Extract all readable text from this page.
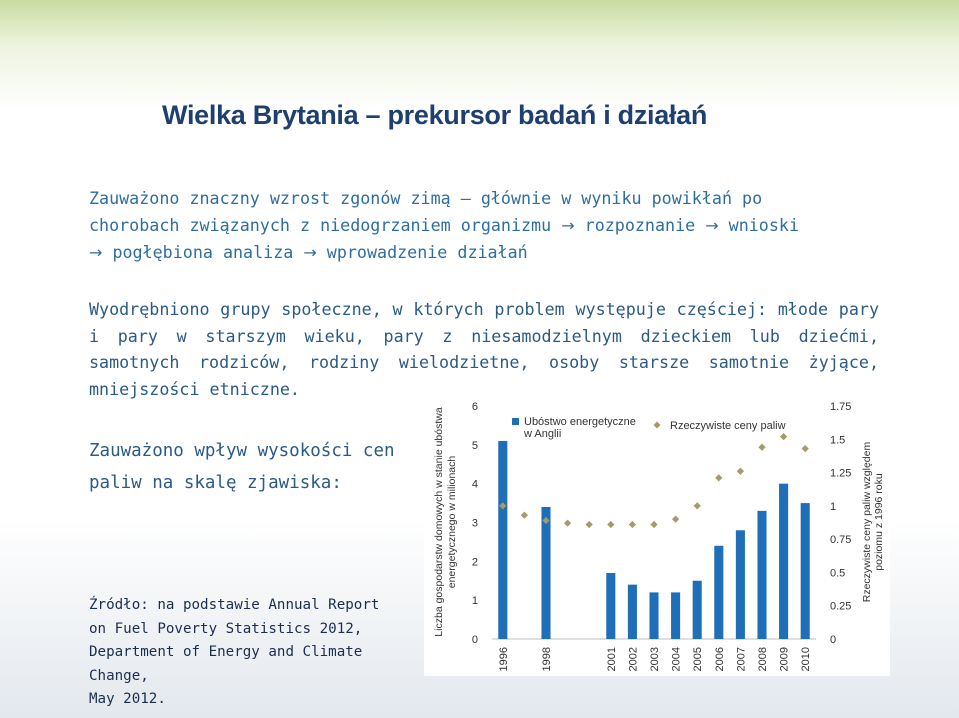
Wielka Brytania – prekursor badań i działań
Zauważono znaczny wzrost zgonów zimą – głównie w wyniku powikłań po
chorobach związanych z niedogrzaniem organizmu → rozpoznanie → wnioski
→ pogłębiona analiza → wprowadzenie działań
Wyodrębniono grupy społeczne, w których problem występuje częściej: młode pary i pary w starszym wieku, pary z niesamodzielnym dzieckiem lub dziećmi, samotnych rodziców, rodziny wielodzietne, osoby starsze samotnie żyjące, mniejszości etniczne.
Zauważono wpływ wysokości cen paliw na skalę zjawiska:
Źródło: na podstawie Annual Report
on Fuel Poverty Statistics 2012,
Department of Energy and Climate Change,
May 2012.
0
1
2
3
4
5
6
0
0.25
0.5
0.75
1
1.25
1.5
1.75
1996	1998	2001 2002 2003 2004 2005 2006 2007 2008 2009 2010
Ubóstwo energetyczne
w Anglii
Rzeczywiste ceny paliw
Liczba gospodarstw domowych w stanie ubóstwa energetycznego w milionach	Rzeczywiste ceny paliw względem poziomu z 1996 roku
